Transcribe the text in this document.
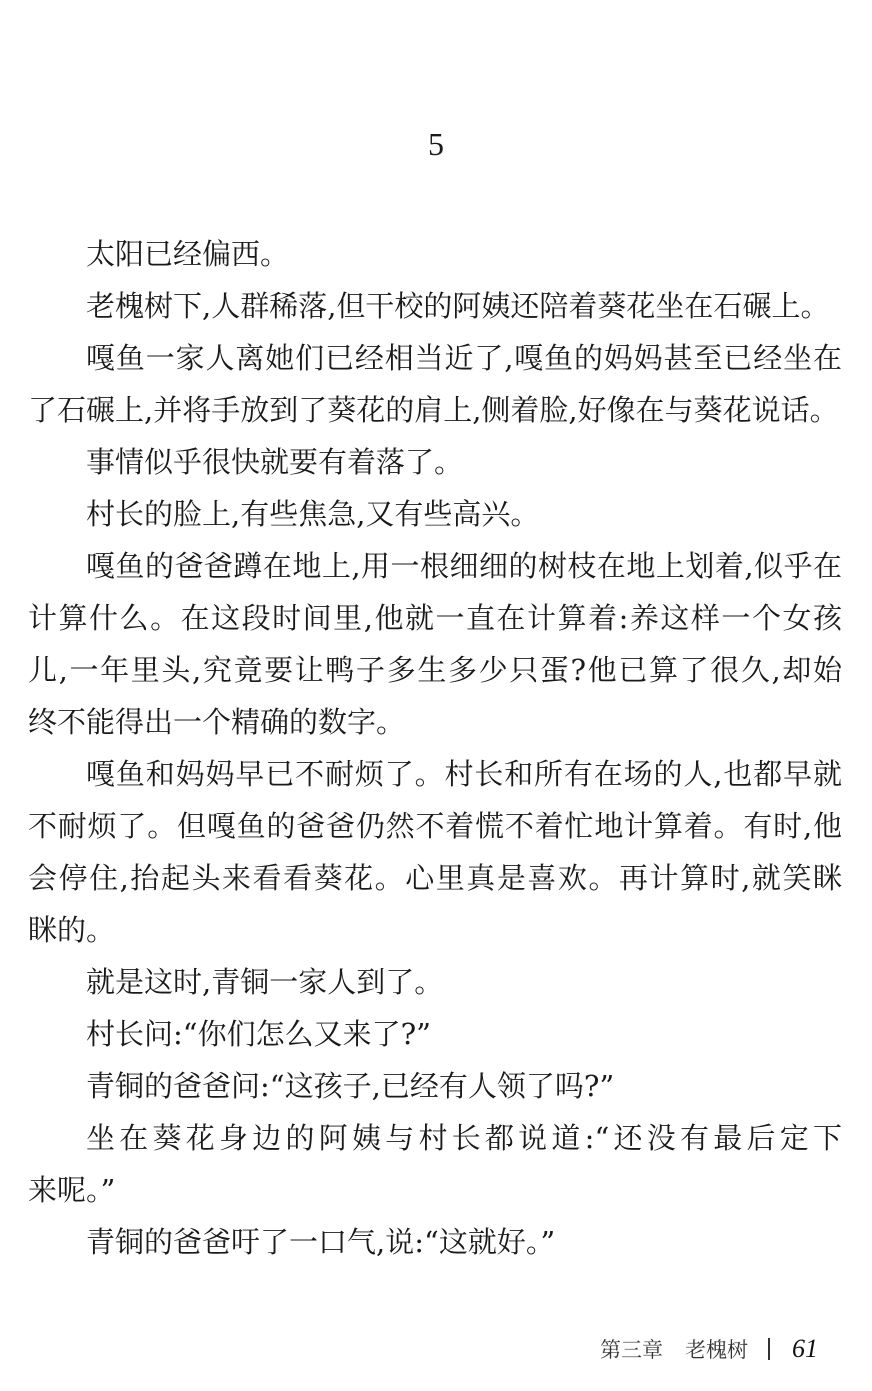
5
太阳已经偏西。
老槐树下,人群稀落,但干校的阿姨还陪着葵花坐在石碾上。
嘎鱼一家人离她们已经相当近了,嘎鱼的妈妈甚至已经坐在
了石碾上,并将手放到了葵花的肩上,侧着脸,好像在与葵花说话。
事情似乎很快就要有着落了。
村长的脸上,有些焦急,又有些高兴。
嘎鱼的爸爸蹲在地上,用一根细细的树枝在地上划着,似乎在
计算什么。在这段时间里,他就一直在计算着:养这样一个女孩
儿,一年里头,究竟要让鸭子多生多少只蛋?他已算了很久,却始
终不能得出一个精确的数字。
嘎鱼和妈妈早已不耐烦了。村长和所有在场的人,也都早就
不耐烦了。但嘎鱼的爸爸仍然不着慌不着忙地计算着。有时,他
会停住,抬起头来看看葵花。心里真是喜欢。再计算时,就笑眯
眯的。
就是这时,青铜一家人到了。
村长问:“你们怎么又来了?”
青铜的爸爸问:“这孩子,已经有人领了吗?”
坐在葵花身边的阿姨与村长都说道:“还没有最后定下
来呢。”
青铜的爸爸吁了一口气,说:“这就好。”
第三章 老槐树 61
